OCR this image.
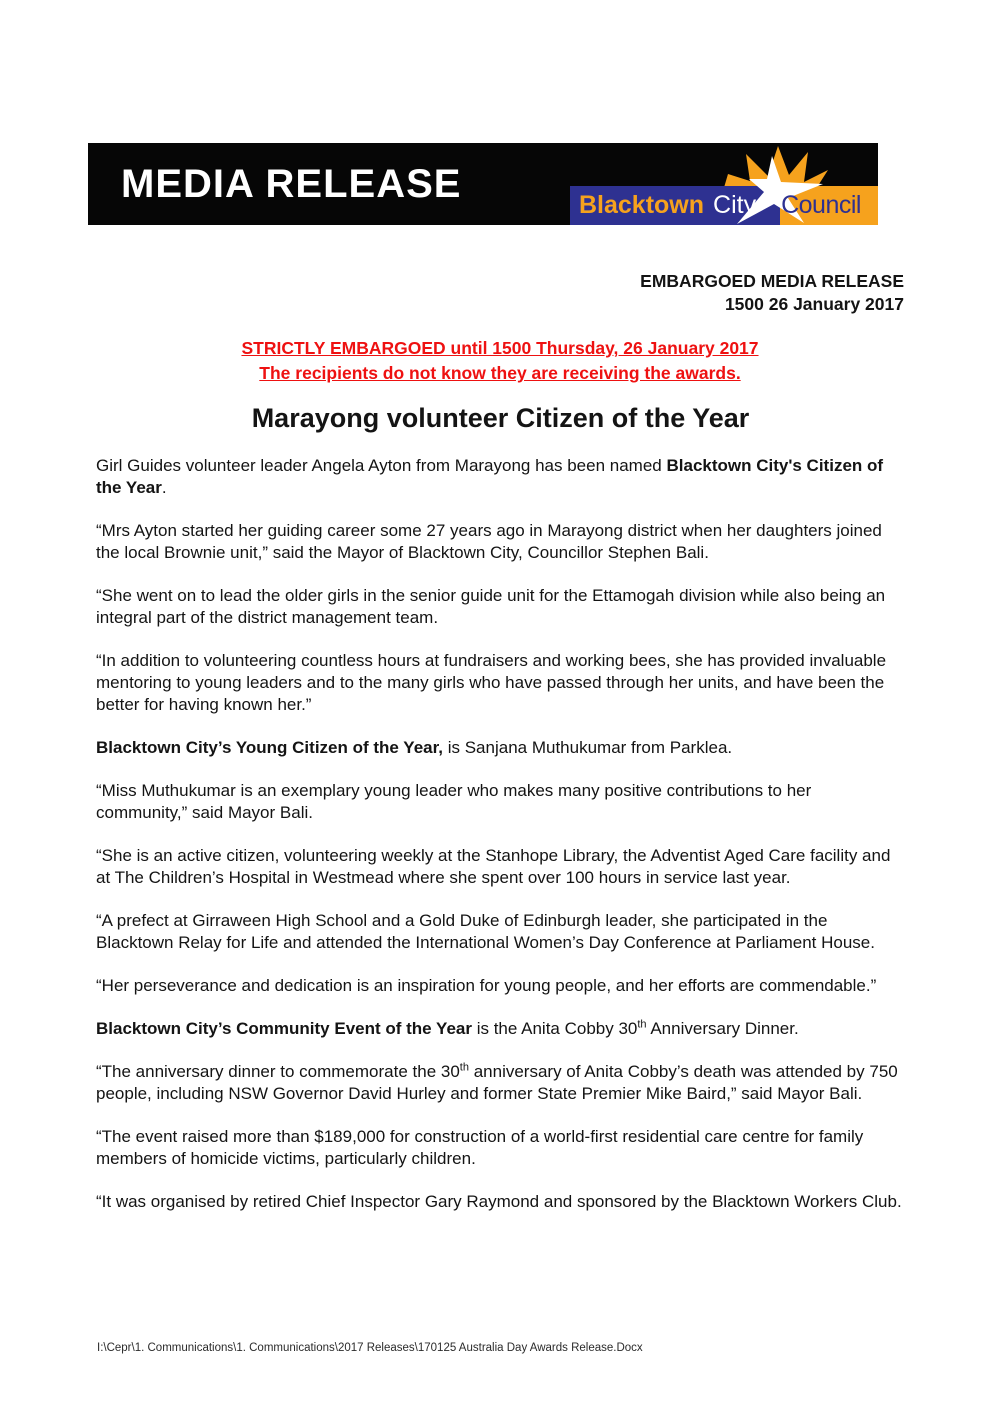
MEDIA RELEASE	Blacktown City Council
EMBARGOED MEDIA RELEASE
1500 26 January 2017
STRICTLY EMBARGOED until 1500 Thursday, 26 January 2017
The recipients do not know they are receiving the awards.
Marayong volunteer Citizen of the Year

Girl Guides volunteer leader Angela Ayton from Marayong has been named Blacktown City's Citizen of the Year.

“Mrs Ayton started her guiding career some 27 years ago in Marayong district when her daughters joined the local Brownie unit,” said the Mayor of Blacktown City, Councillor Stephen Bali.

“She went on to lead the older girls in the senior guide unit for the Ettamogah division while also being an integral part of the district management team.

“In addition to volunteering countless hours at fundraisers and working bees, she has provided invaluable mentoring to young leaders and to the many girls who have passed through her units, and have been the better for having known her.”

Blacktown City’s Young Citizen of the Year, is Sanjana Muthukumar from Parklea.

“Miss Muthukumar is an exemplary young leader who makes many positive contributions to her community,” said Mayor Bali.

“She is an active citizen, volunteering weekly at the Stanhope Library, the Adventist Aged Care facility and at The Children’s Hospital in Westmead where she spent over 100 hours in service last year.

“A prefect at Girraween High School and a Gold Duke of Edinburgh leader, she participated in the Blacktown Relay for Life and attended the International Women’s Day Conference at Parliament House.

“Her perseverance and dedication is an inspiration for young people, and her efforts are commendable.”

Blacktown City’s Community Event of the Year is the Anita Cobby 30th Anniversary Dinner.

“The anniversary dinner to commemorate the 30th anniversary of Anita Cobby’s death was attended by 750 people, including NSW Governor David Hurley and former State Premier Mike Baird,” said Mayor Bali.

“The event raised more than $189,000 for construction of a world-first residential care centre for family members of homicide victims, particularly children.

“It was organised by retired Chief Inspector Gary Raymond and sponsored by the Blacktown Workers Club.

I:\Cepr\1. Communications\1. Communications\2017 Releases\170125 Australia Day Awards Release.Docx
